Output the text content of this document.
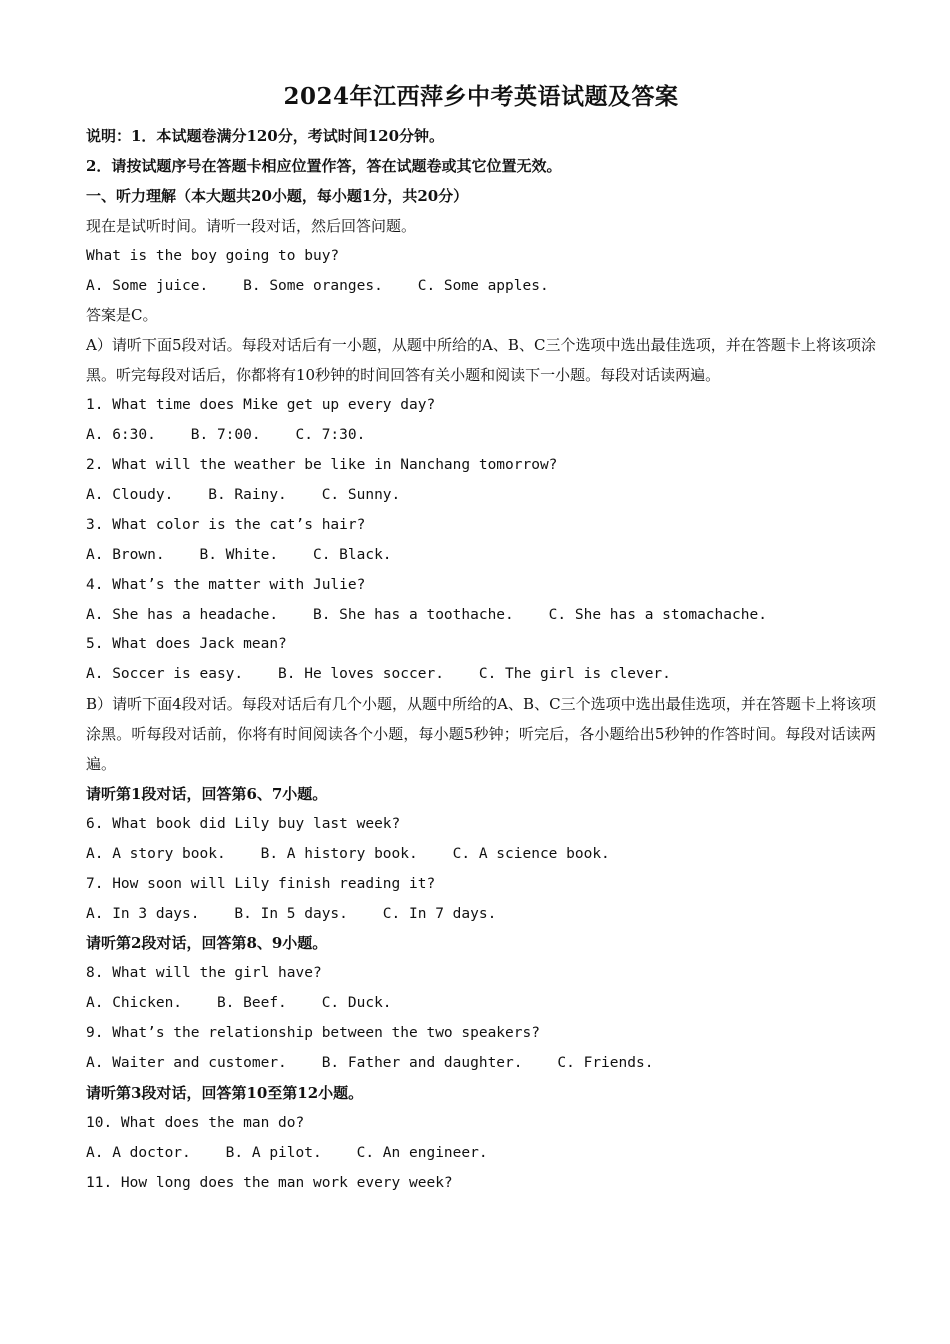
2024年江西萍乡中考英语试题及答案

说明：1．本试题卷满分120分，考试时间120分钟。

2．请按试题序号在答题卡相应位置作答，答在试题卷或其它位置无效。

一、听力理解（本大题共20小题，每小题1分，共20分）

现在是试听时间。请听一段对话，然后回答问题。

What is the boy going to buy?

A. Some juice.    B. Some oranges.    C. Some apples.

答案是C。

A）请听下面5段对话。每段对话后有一小题，从题中所给的A、B、C三个选项中选出最佳选项，并在答题卡上将该项涂黑。听完每段对话后，你都将有10秒钟的时间回答有关小题和阅读下一小题。每段对话读两遍。

1. What time does Mike get up every day?

A. 6:30.    B. 7:00.    C. 7:30.

2. What will the weather be like in Nanchang tomorrow?

A. Cloudy.    B. Rainy.    C. Sunny.

3. What color is the cat’s hair?

A. Brown.    B. White.    C. Black.

4. What’s the matter with Julie?

A. She has a headache.    B. She has a toothache.    C. She has a stomachache.

5. What does Jack mean?

A. Soccer is easy.    B. He loves soccer.    C. The girl is clever.

B）请听下面4段对话。每段对话后有几个小题，从题中所给的A、B、C三个选项中选出最佳选项，并在答题卡上将该项涂黑。听每段对话前，你将有时间阅读各个小题，每小题5秒钟；听完后，各小题给出5秒钟的作答时间。每段对话读两遍。

请听第1段对话，回答第6、7小题。

6. What book did Lily buy last week?

A. A story book.    B. A history book.    C. A science book.

7. How soon will Lily finish reading it?

A. In 3 days.    B. In 5 days.    C. In 7 days.

请听第2段对话，回答第8、9小题。

8. What will the girl have?

A. Chicken.    B. Beef.    C. Duck.

9. What’s the relationship between the two speakers?

A. Waiter and customer.    B. Father and daughter.    C. Friends.

请听第3段对话，回答第10至第12小题。

10. What does the man do?

A. A doctor.    B. A pilot.    C. An engineer.

11. How long does the man work every week?
